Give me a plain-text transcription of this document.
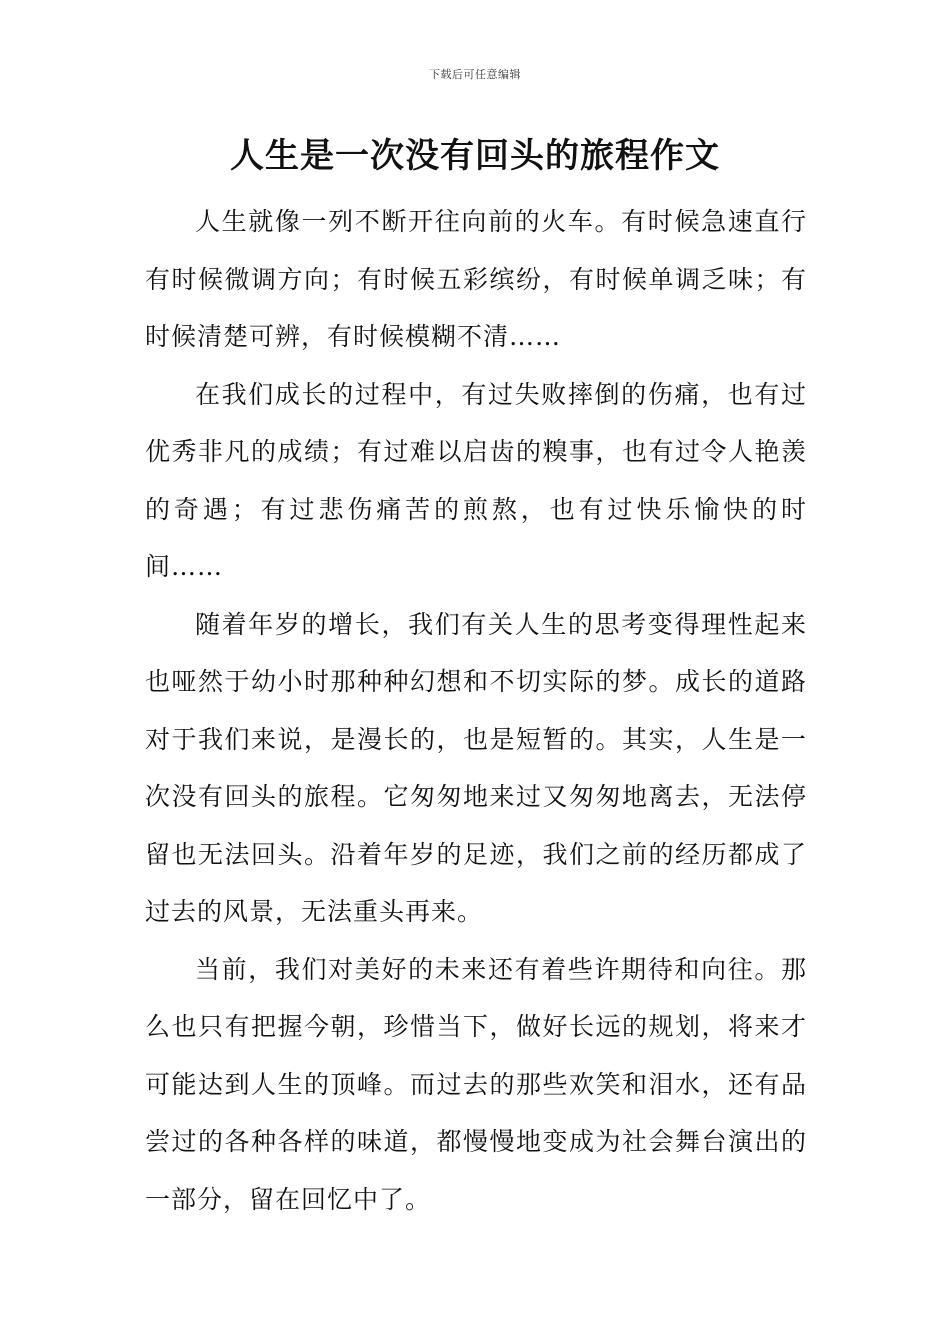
下载后可任意编辑
人生是一次没有回头的旅程作文

人生就像一列不断开往向前的火车。有时候急速直行有时候微调方向；有时候五彩缤纷，有时候单调乏味；有时候清楚可辨，有时候模糊不清……

在我们成长的过程中，有过失败摔倒的伤痛，也有过优秀非凡的成绩；有过难以启齿的糗事，也有过令人艳羡的奇遇；有过悲伤痛苦的煎熬，也有过快乐愉快的时间……

随着年岁的增长，我们有关人生的思考变得理性起来也哑然于幼小时那种种幻想和不切实际的梦。成长的道路对于我们来说，是漫长的，也是短暂的。其实，人生是一次没有回头的旅程。它匆匆地来过又匆匆地离去，无法停留也无法回头。沿着年岁的足迹，我们之前的经历都成了过去的风景，无法重头再来。

当前，我们对美好的未来还有着些许期待和向往。那么也只有把握今朝，珍惜当下，做好长远的规划，将来才可能达到人生的顶峰。而过去的那些欢笑和泪水，还有品尝过的各种各样的味道，都慢慢地变成为社会舞台演出的一部分，留在回忆中了。
